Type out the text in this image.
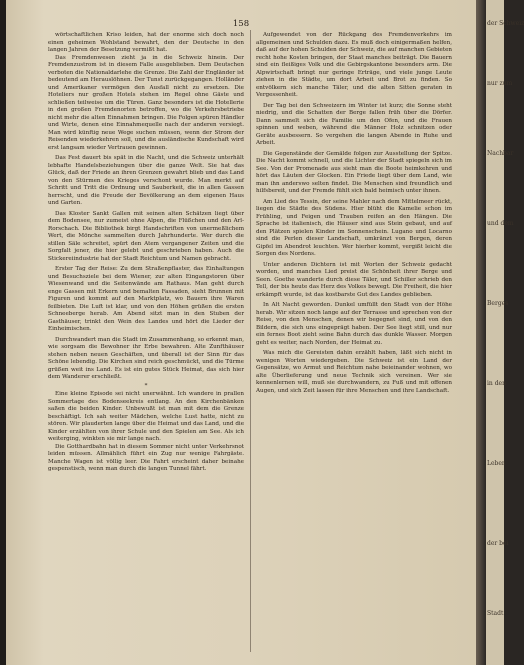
158

wörtschaftlichen Kriso leiden, hat der enorme sich doch noch einen geheimen Wohlstand bewahrt, den der Deutsche in den langen Jahren der Besetzung vermißt hat.

Das Fremdenwesen zieht ja in die Schweiz hinein. Der Fremdenzustrom ist in diesem Falle ausgeblieben. Dem Deutschen verboten die Nationaldarlehe die Grenze. Die Zahl der Engländer ist bedeutend am Herauslöhnen. Der Tunst zurückgegangen. Holländer und Amerikaner vermögen den Ausfall nicht zu ersetzen. Die Hoteliers nur großen Hotels stehen im Regel ohne Gäste und schließen teilweise um die Türen. Ganz besonders ist die Hotellerie in den großen Fremdenorten betroffen, wo die Verkehrsbetriebe nicht mehr die alten Einnahmen bringen. Die Folgen spüren Händler und Wirte, denen eine Einnahmequelle nach der anderen versiegt. Man wird künftig neue Wege suchen müssen, wenn der Strom der Reisenden wiederkehren soll, und die ausländische Kundschaft wird erst langsam wieder Vertrauen gewinnen.

Das Fest dauert bis spät in die Nacht, und die Schweiz unterhält lebhafte Handelsbeziehungen über die ganze Welt. Sie hat das Glück, daß der Friede an ihren Grenzen gewahrt blieb und das Land von den Stürmen des Krieges verschont wurde. Man merkt auf Schritt und Tritt die Ordnung und Sauberkeit, die in allen Gassen herrscht, und die Freude der Bevölkerung an dem eigenen Haus und Garten.

Das Kloster Sankt Gallen mit seinen alten Schätzen liegt über dem Bodensee, nur zumeist ohne Alpen, die Flüßchen und den Arl-Rorschach. Die Bibliothek birgt Handschriften von unermeßlichem Wert, die Mönche sammelten durch Jahrhunderte. Wer durch die stillen Säle schreitet, spürt den Atem vergangener Zeiten und die Sorgfalt jener, die hier gelebt und geschrieben haben. Auch die Stickereiindustrie hat der Stadt Reichtum und Namen gebracht.

Erster Tag der Reise: Zu dem Straßenpflaster, das Einhaltungen und Besuchsziele bei dem Wiener, zur alten Eingangstoren über Wiesenwand und die Seitenwände am Rathaus. Man geht durch enge Gassen mit Erkern und bemalten Fassaden, sieht Brunnen mit Figuren und kommt auf den Marktplatz, wo Bauern ihre Waren feilbieten. Die Luft ist klar, und von den Höhen grüßen die ersten Schneeberge herab. Am Abend sitzt man in den Stuben der Gasthäuser, trinkt den Wein des Landes und hört die Lieder der Einheimischen.

Durchwandert man die Stadt im Zusammenhang, so erkennt man, wie sorgsam die Bewohner ihr Erbe bewahren. Alte Zunfthäuser stehen neben neuen Geschäften, und überall ist der Sinn für das Schöne lebendig. Die Kirchen sind reich geschmückt, und die Türme grüßen weit ins Land. Es ist ein gutes Stück Heimat, das sich hier dem Wanderer erschließt.

*

Eine kleine Episode sei nicht unerwähnt. Ich wandere in prallen Sommertage des Bodenseekreis entlang. An den Kirchenbänken saßen die beiden Kinder. Unbewußt ist man mit dem die Grenze beschäftigt. Ich sah weiter Mädchen, welche Lust hatte, nicht zu stören. Wir plauderten lange über die Heimat und das Land, und die Kinder erzählten von ihrer Schule und den Spielen am See. Als ich weiterging, winkten sie mir lange nach.

Die Gotthardbahn hat in diesem Sommer nicht unter Verkehrsnot leiden müssen. Allmählich führt ein Zug nur wenige Fahrgäste. Manche Wagen ist völlig leer. Die Fahrt erscheint daher beinahe gespenstisch, wenn man durch die langen Tunnel fährt.

Aufgewendet von der Rückgang des Fremdenverkehrs im allgemeinen und Schulden dazu. Es muß doch einigermaßen helfen, daß auf der hohen Schulden der Schweiz, die auf manchen Gebieten recht hohe Kosten bringen, der Staat manches beiträgt. Die Bauern sind ein fleißiges Volk und die Gebirgskantone besonders arm. Die Alpwirtschaft bringt nur geringe Erträge, und viele junge Leute ziehen in die Städte, um dort Arbeit und Brot zu finden. So entvölkern sich manche Täler, und die alten Sitten geraten in Vergessenheit.

Der Tag bei den Schweizern im Winter ist kurz; die Sonne steht niedrig, und die Schatten der Berge fallen früh über die Dörfer. Dann sammelt sich die Familie um den Ofen, und die Frauen spinnen und weben, während die Männer Holz schnitzen oder Geräte ausbessern. So vergehen die langen Abende in Ruhe und Arbeit.

Die Gegenstände der Gemälde folgen zur Ausstellung der Spitze. Die Nacht kommt schnell, und die Lichter der Stadt spiegeln sich im See. Von der Promenade aus sieht man die Boote heimkehren und hört das Läuten der Glocken. Ein Friede liegt über dem Land, wie man ihn anderswo selten findet. Die Menschen sind freundlich und hilfsbereit, und der Fremde fühlt sich bald heimisch unter ihnen.

Am Lied des Tessin, der seine Mahler nach dem Mittelmeer rückt, liegen die Städte des Südens. Hier blüht die Kamelie schon im Frühling, und Feigen und Trauben reifen an den Hängen. Die Sprache ist italienisch, die Häuser sind aus Stein gebaut, und auf den Plätzen spielen Kinder im Sonnenschein. Lugano und Locarno sind die Perlen dieser Landschaft, umkränzt von Bergen, deren Gipfel im Abendrot leuchten. Wer hierher kommt, vergißt leicht die Sorgen des Nordens.

Unter anderen Dichtern ist mit Worten der Schweiz gedacht worden, und manches Lied preist die Schönheit ihrer Berge und Seen. Goethe wanderte durch diese Täler, und Schiller schrieb den Tell, der bis heute das Herz des Volkes bewegt. Die Freiheit, die hier erkämpft wurde, ist das kostbarste Gut des Landes geblieben.

In Alt Nacht geworden. Dunkel umfüllt den Stadt von der Höhe herab. Wir sitzen noch lange auf der Terrasse und sprechen von der Reise, von den Menschen, denen wir begegnet sind, und von den Bildern, die sich uns eingeprägt haben. Der See liegt still, und nur ein fernes Boot zieht seine Bahn durch das dunkle Wasser. Morgen geht es weiter, nach Norden, der Heimat zu.

Was mich die Gereisten dahin erzählt haben, läßt sich nicht in wenigen Worten wiedergeben. Die Schweiz ist ein Land der Gegensätze, wo Armut und Reichtum nahe beieinander wohnen, wo alte Überlieferung und neue Technik sich vereinen. Wer sie kennenlernen will, muß sie durchwandern, zu Fuß und mit offenen Augen, und sich Zeit lassen für ihre Menschen und ihre Landschaft.

der Schweiz
nur zum
Nachbar
und dem
Berges
in den
Leben
der bei
Stadt
